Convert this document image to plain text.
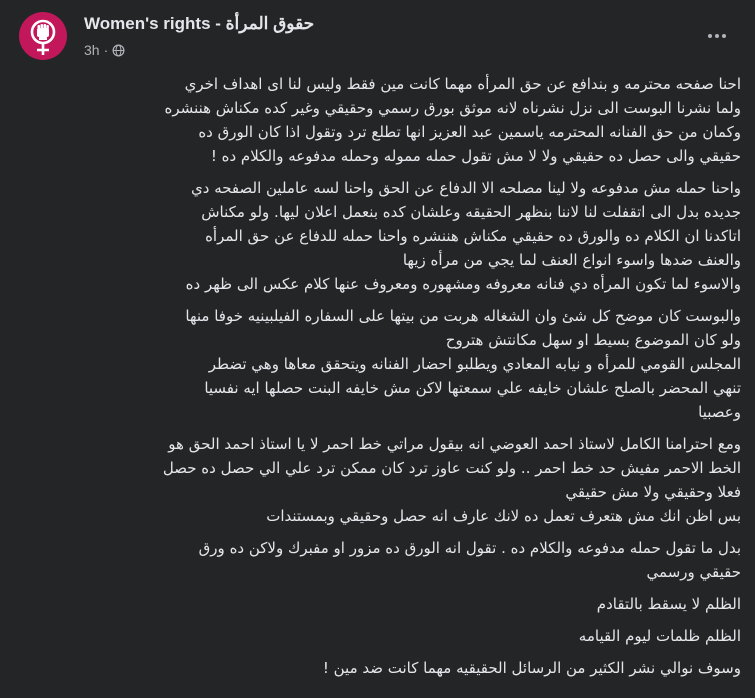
Women's rights - حقوق المرأة
3h ·

احنا صفحه محترمه و بندافع عن حق المرأه مهما كانت مين فقط وليس لنا اى اهداف اخري
ولما نشرنا البوست الى نزل نشرناه لانه موثق بورق رسمي وحقيقي وغير كده مكناش هننشره
وكمان من حق الفنانه المحترمه ياسمين عبد العزيز انها تطلع ترد وتقول اذا كان الورق ده
حقيقي والى حصل ده حقيقي ولا لا مش تقول حمله مموله وحمله مدفوعه والكلام ده !

واحنا حمله مش مدفوعه ولا لينا مصلحه الا الدفاع عن الحق واحنا لسه عاملين الصفحه دي
جديده بدل الى اتقفلت لنا لاننا بنظهر الحقيقه وعلشان كده بنعمل اعلان ليها. ولو مكناش
اتاكدنا ان الكلام ده والورق ده حقيقي مكناش هننشره واحنا حمله للدفاع عن حق المرأه
والعنف ضدها واسوء انواع العنف لما يجي من مرأه زيها
والاسوء لما تكون المرأه دي فنانه معروفه ومشهوره ومعروف عنها كلام عكس الى ظهر ده

والبوست كان موضح كل شئ وان الشغاله هربت من بيتها على السفاره الفيلبينيه خوفا منها
ولو كان الموضوع بسيط او سهل مكانتش هتروح
المجلس القومي للمرأه و نيابه المعادي ويطلبو احضار الفنانه ويتحقق معاها وهي تضطر
تنهي المحضر بالصلح علشان خايفه علي سمعتها لاكن مش خايفه البنت حصلها ايه نفسيا
وعصبيا

ومع احترامنا الكامل لاستاذ احمد العوضي انه بيقول مراتي خط احمر لا يا استاذ احمد الحق هو
الخط الاحمر مفيش حد خط احمر .. ولو كنت عاوز ترد كان ممكن ترد علي الي حصل ده حصل
فعلا وحقيقي ولا مش حقيقي
بس اظن انك مش هتعرف تعمل ده لانك عارف انه حصل وحقيقي وبمستندات

بدل ما تقول حمله مدفوعه والكلام ده . تقول انه الورق ده مزور او مفبرك ولاكن ده ورق
حقيقي ورسمي

الظلم لا يسقط بالتقادم

الظلم ظلمات ليوم القيامه

وسوف نوالي نشر الكثير من الرسائل الحقيقيه مهما كانت ضد مين !
